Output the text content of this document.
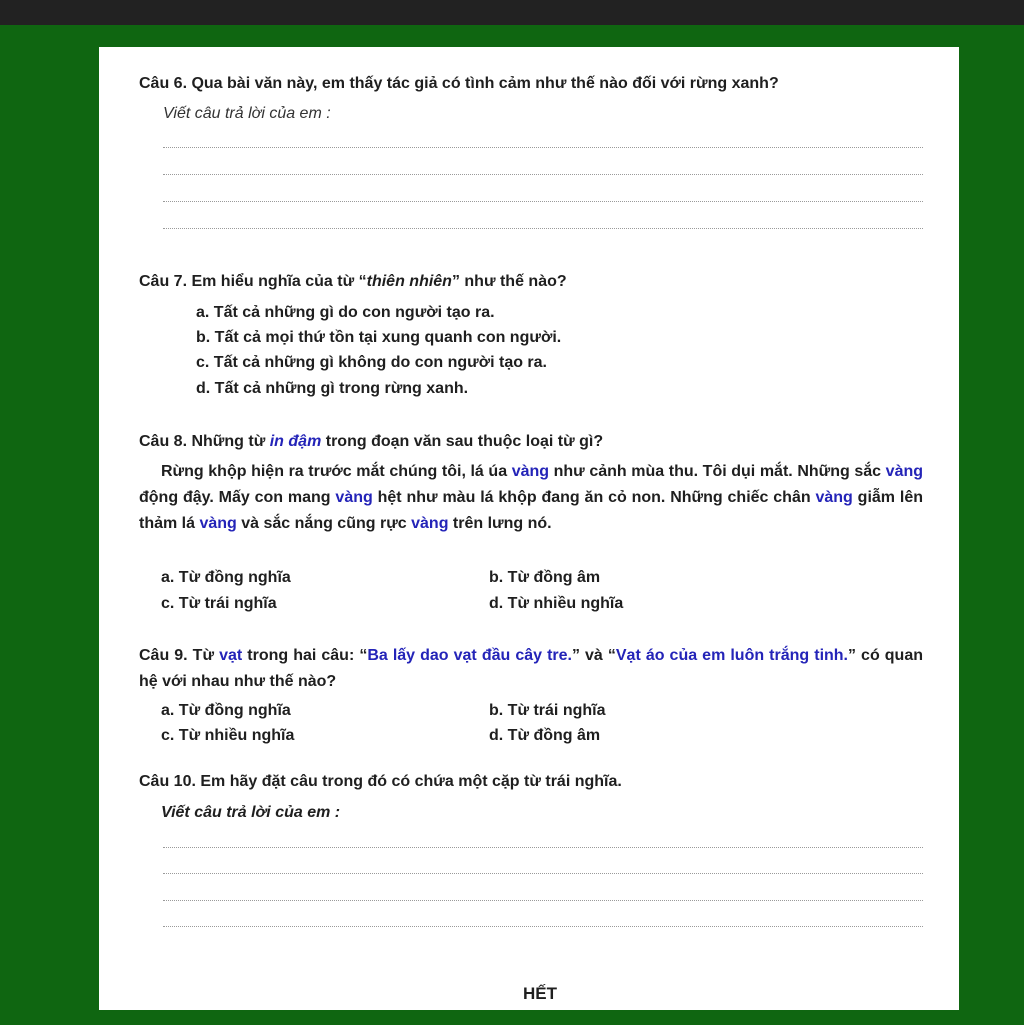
Câu 6. Qua bài văn này, em thấy tác giả có tình cảm như thế nào đối với rừng xanh?
Viết câu trả lời của em :
Câu 7. Em hiểu nghĩa của từ “thiên nhiên” như thế nào?
a. Tất cả những gì do con người tạo ra.
b. Tất cả mọi thứ tồn tại xung quanh con người.
c. Tất cả những gì không do con người tạo ra.
d. Tất cả những gì trong rừng xanh.
Câu 8. Những từ in đậm trong đoạn văn sau thuộc loại từ gì?
Rừng khộp hiện ra trước mắt chúng tôi, lá úa vàng như cảnh mùa thu. Tôi dụi mắt. Những sắc vàng động đậy. Mấy con mang vàng hệt như màu lá khộp đang ăn cỏ non. Những chiếc chân vàng giẫm lên thảm lá vàng và sắc nắng cũng rực vàng trên lưng nó.
a. Từ đồng nghĩa	b. Từ đồng âm
c. Từ trái nghĩa	d. Từ nhiều nghĩa
Câu 9. Từ vạt trong hai câu: “Ba lấy dao vạt đầu cây tre.” và “Vạt áo của em luôn trắng tinh.” có quan hệ với nhau như thế nào?
a. Từ đồng nghĩa	b. Từ trái nghĩa
c. Từ nhiều nghĩa	d. Từ đồng âm
Câu 10. Em hãy đặt câu trong đó có chứa một cặp từ trái nghĩa.
Viết câu trả lời của em :
HẾT
